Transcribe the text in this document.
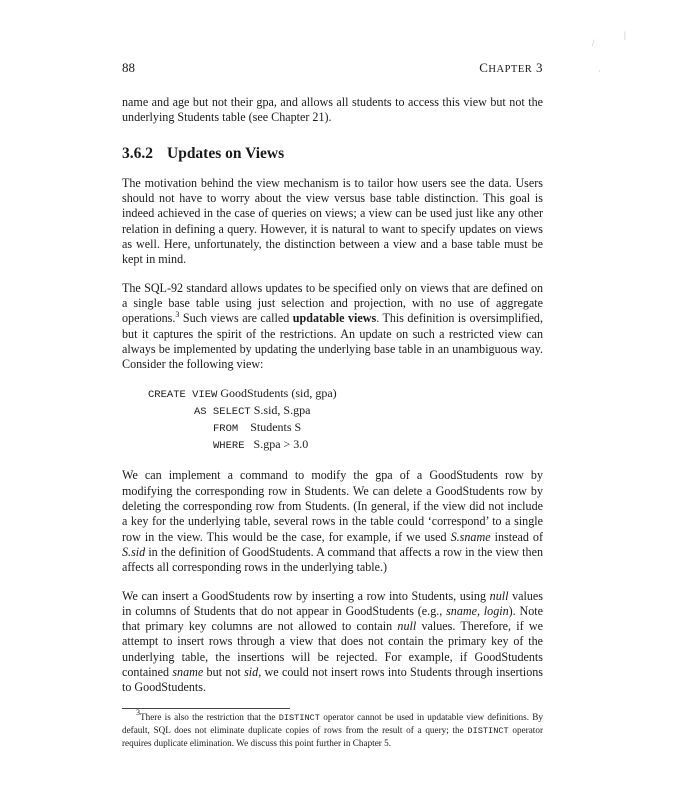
/
|
·
88	CHAPTER 3

name and age but not their gpa, and allows all students to access this view but not the underlying Students table (see Chapter 21).

3.6.2 Updates on Views

The motivation behind the view mechanism is to tailor how users see the data. Users should not have to worry about the view versus base table distinction. This goal is indeed achieved in the case of queries on views; a view can be used just like any other relation in defining a query. However, it is natural to want to specify updates on views as well. Here, unfortunately, the distinction between a view and a base table must be kept in mind.

The SQL-92 standard allows updates to be specified only on views that are defined on a single base table using just selection and projection, with no use of aggregate operations.$^3$ Such views are called updatable views. This definition is oversimplified, but it captures the spirit of the restrictions. An update on such a restricted view can always be implemented by updating the underlying base table in an unambiguous way. Consider the following view:

CREATE VIEW GoodStudents (sid, gpa)
AS SELECT S.sid, S.gpa
FROM    Students S
WHERE   S.gpa > 3.0

We can implement a command to modify the gpa of a GoodStudents row by modifying the corresponding row in Students. We can delete a GoodStudents row by deleting the corresponding row from Students. (In general, if the view did not include a key for the underlying table, several rows in the table could ‘correspond’ to a single row in the view. This would be the case, for example, if we used S.sname instead of S.sid in the definition of GoodStudents. A command that affects a row in the view then affects all corresponding rows in the underlying table.)

We can insert a GoodStudents row by inserting a row into Students, using null values in columns of Students that do not appear in GoodStudents (e.g., sname, login). Note that primary key columns are not allowed to contain null values. Therefore, if we attempt to insert rows through a view that does not contain the primary key of the underlying table, the insertions will be rejected. For example, if GoodStudents contained sname but not sid, we could not insert rows into Students through insertions to GoodStudents.

$^3$There is also the restriction that the DISTINCT operator cannot be used in updatable view definitions. By default, SQL does not eliminate duplicate copies of rows from the result of a query; the DISTINCT operator requires duplicate elimination. We discuss this point further in Chapter 5.
